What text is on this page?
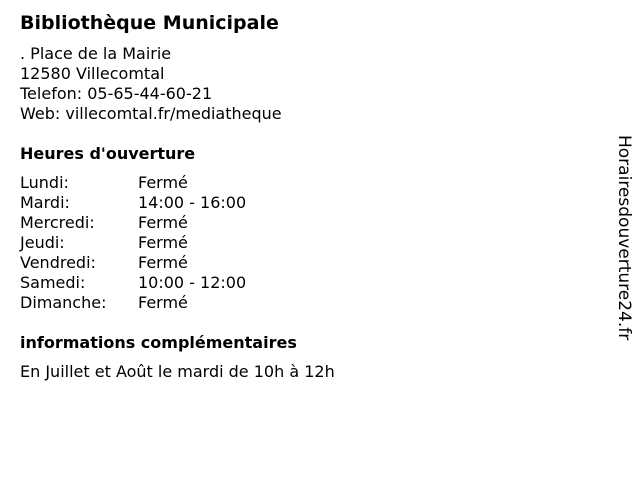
Bibliothèque Municipale
. Place de la Mairie
12580 Villecomtal
Telefon: 05-65-44-60-21
Web: villecomtal.fr/mediatheque
Heures d'ouverture
Lundi:	Fermé
Mardi:	14:00 - 16:00
Mercredi:	Fermé
Jeudi:	Fermé
Vendredi:	Fermé
Samedi:	10:00 - 12:00
Dimanche:	Fermé
informations complémentaires
En Juillet et Août le mardi de 10h à 12h
Horairesdouverture24.fr
